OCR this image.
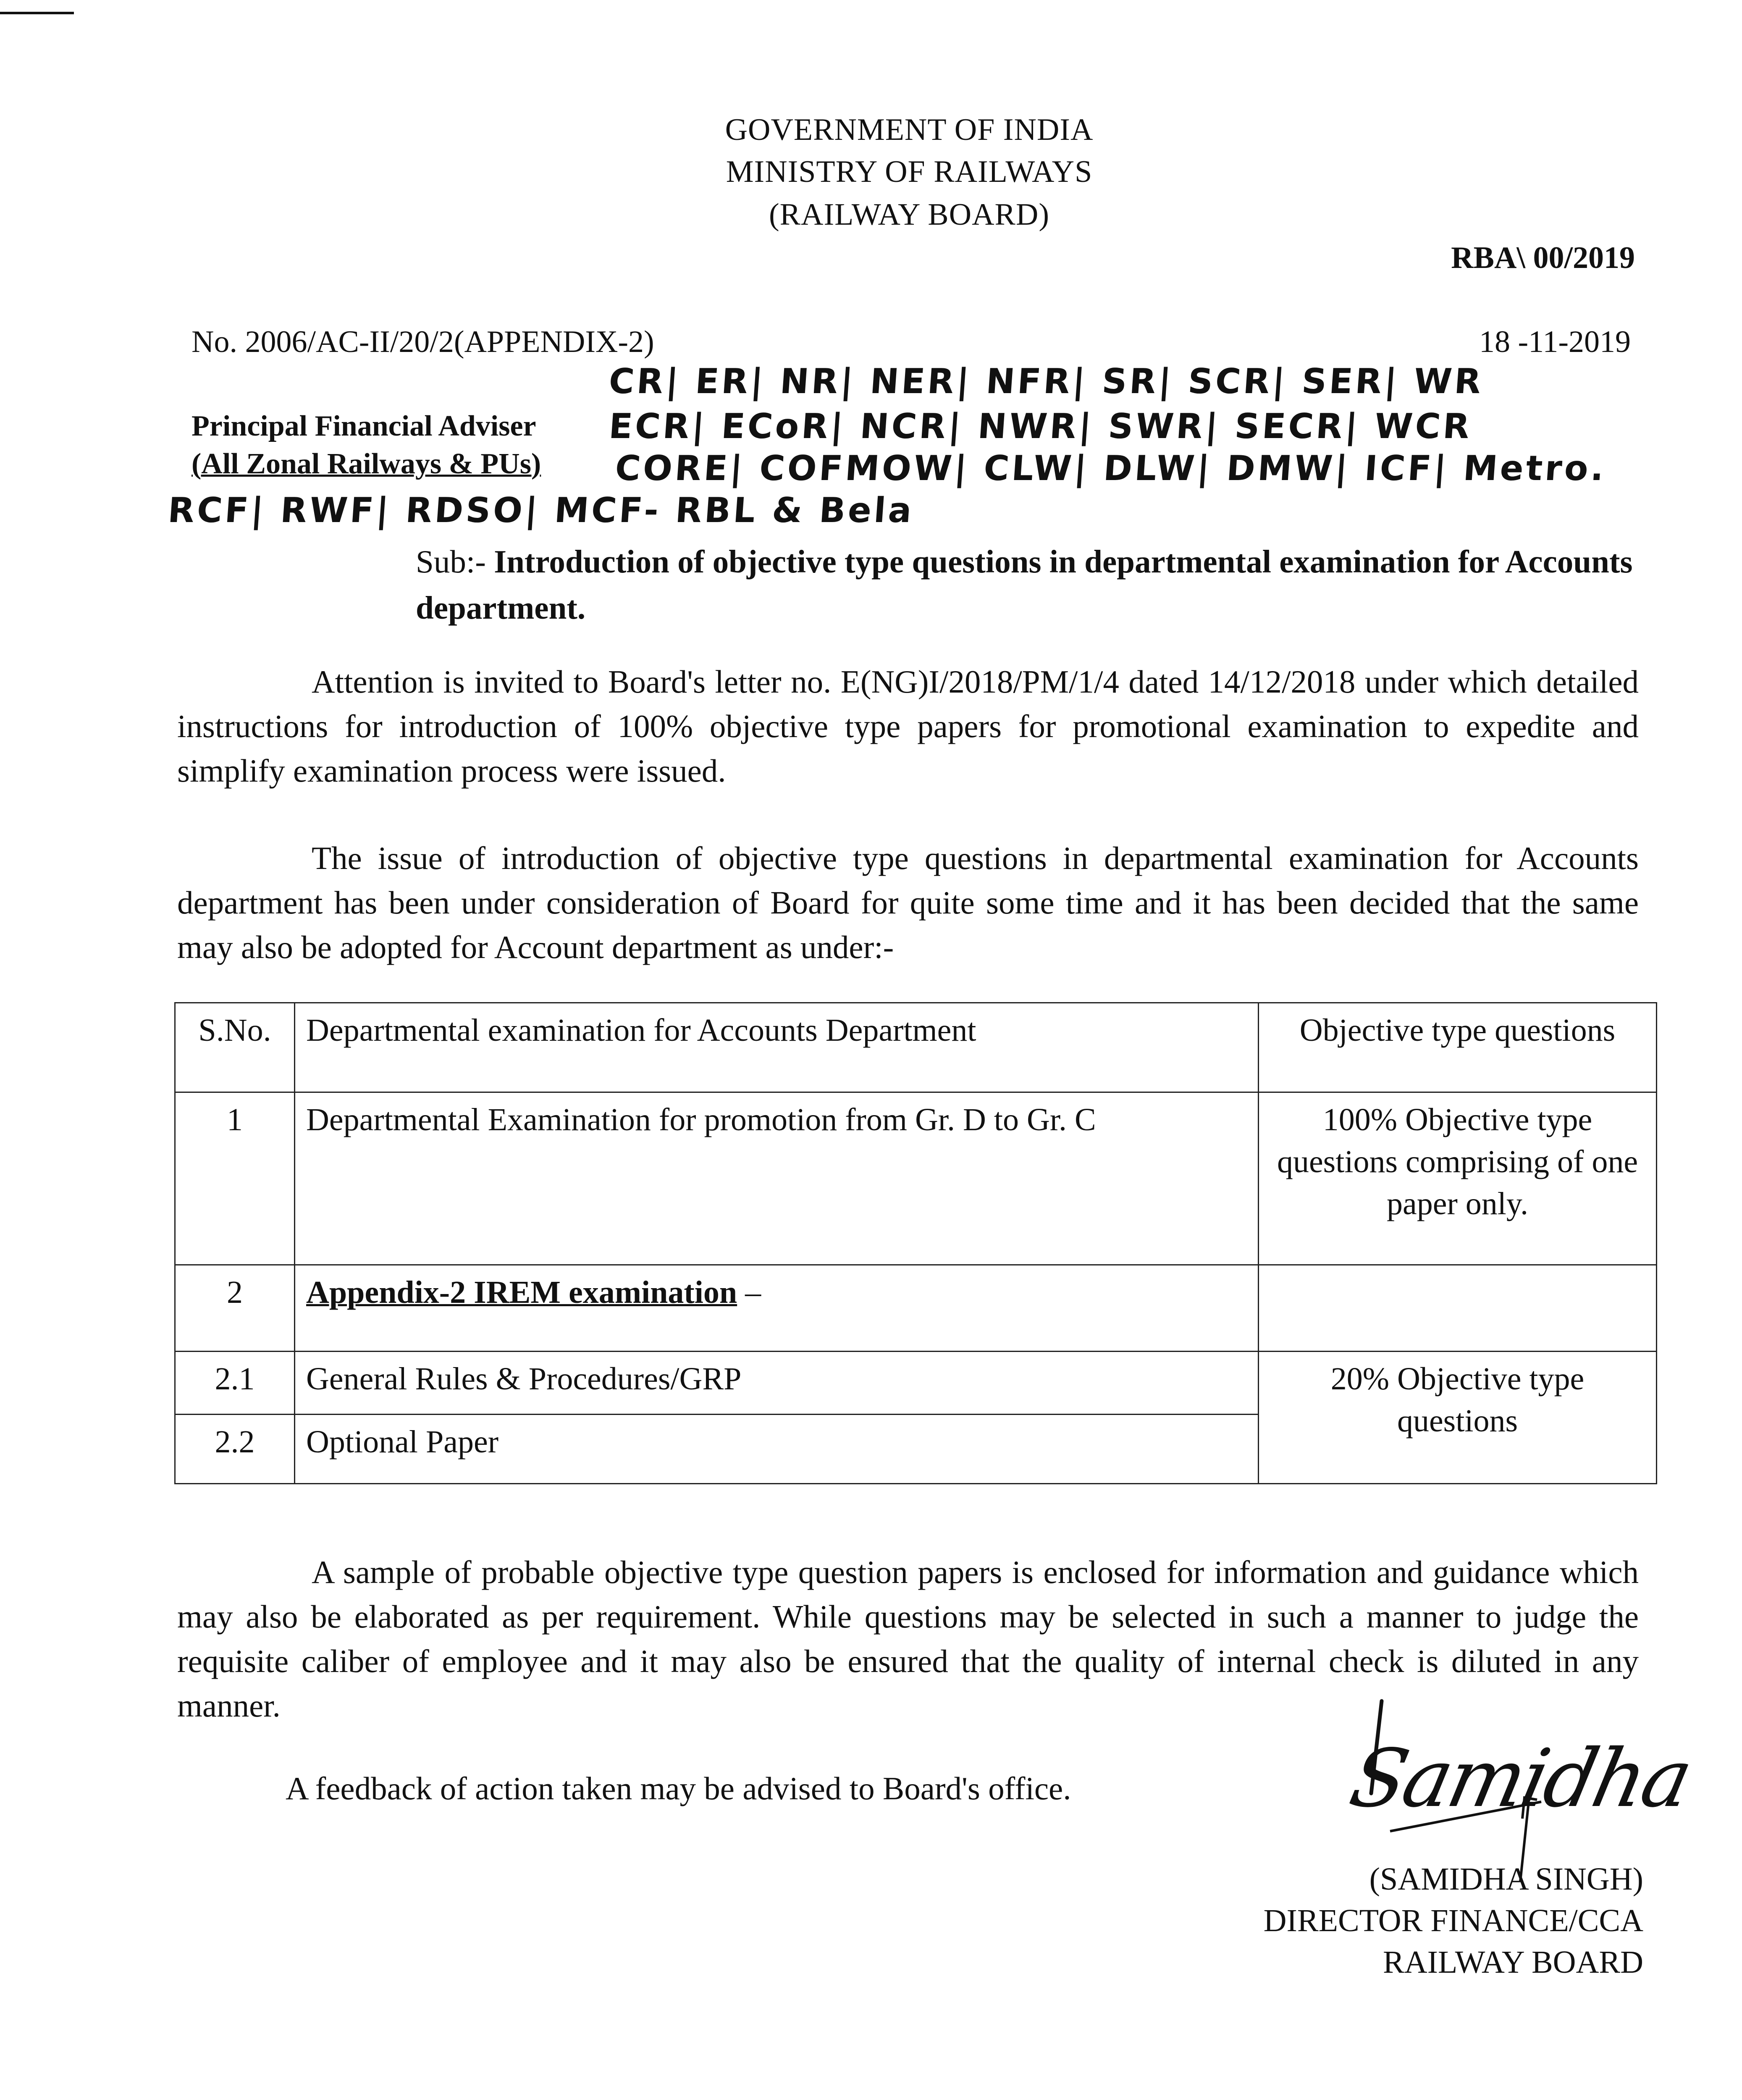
GOVERNMENT OF INDIA
MINISTRY OF RAILWAYS
(RAILWAY BOARD)
RBA\ 00/2019
No. 2006/AC-II/20/2(APPENDIX-2)	18 -11-2019
CR| ER| NR| NER| NFR| SR| SCR| SER| WR
ECR| ECoR| NCR| NWR| SWR| SECR| WCR
CORE| COFMOW| CLW| DLW| DMW| ICF| Metro.
RCF| RWF| RDSO| MCF- RBL & Bela
Principal Financial Adviser
(All Zonal Railways & PUs)
Sub:- Introduction of objective type questions in departmental examination for Accounts department.

Attention is invited to Board's letter no. E(NG)I/2018/PM/1/4 dated 14/12/2018 under which detailed instructions for introduction of 100% objective type papers for promotional examination to expedite and simplify examination process were issued.

The issue of introduction of objective type questions in departmental examination for Accounts department has been under consideration of Board for quite some time and it has been decided that the same may also be adopted for Account department as under:-

S.No.	Departmental examination for Accounts Department	Objective type questions
1	Departmental Examination for promotion from Gr. D to Gr. C	100% Objective type questions comprising of one paper only.
2	Appendix-2 IREM examination –	
2.1	General Rules & Procedures/GRP	20% Objective type questions
2.2	Optional Paper	

A sample of probable objective type question papers is enclosed for information and guidance which may also be elaborated as per requirement. While questions may be selected in such a manner to judge the requisite caliber of employee and it may also be ensured that the quality of internal check is diluted in any manner.

A feedback of action taken may be advised to Board's office.	Samidha
(SAMIDHA SINGH)
DIRECTOR FINANCE/CCA
RAILWAY BOARD
